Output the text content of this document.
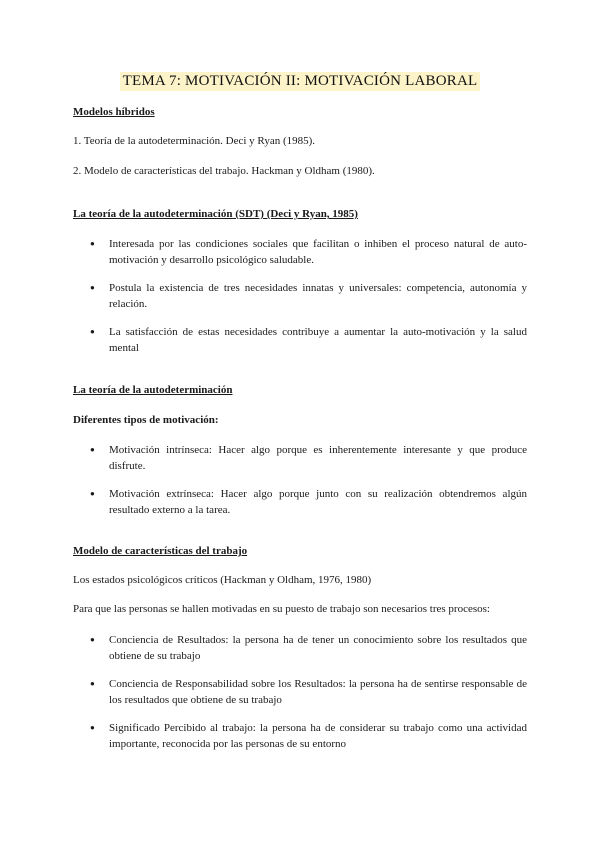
TEMA 7: MOTIVACIÓN II: MOTIVACIÓN LABORAL

Modelos híbridos

1. Teoría de la autodeterminación. Deci y Ryan (1985).

2. Modelo de características del trabajo. Hackman y Oldham (1980).

La teoría de la autodeterminación (SDT) (Deci y Ryan, 1985)

● Interesada por las condiciones sociales que facilitan o inhiben el proceso natural de auto-motivación y desarrollo psicológico saludable.
● Postula la existencia de tres necesidades innatas y universales: competencia, autonomía y relación.
● La satisfacción de estas necesidades contribuye a aumentar la auto-motivación y la salud mental

La teoría de la autodeterminación

Diferentes tipos de motivación:

● Motivación intrínseca: Hacer algo porque es inherentemente interesante y que produce disfrute.
● Motivación extrínseca: Hacer algo porque junto con su realización obtendremos algún resultado externo a la tarea.

Modelo de características del trabajo

Los estados psicológicos críticos (Hackman y Oldham, 1976, 1980)

Para que las personas se hallen motivadas en su puesto de trabajo son necesarios tres procesos:

● Conciencia de Resultados: la persona ha de tener un conocimiento sobre los resultados que obtiene de su trabajo
● Conciencia de Responsabilidad sobre los Resultados: la persona ha de sentirse responsable de los resultados que obtiene de su trabajo
● Significado Percibido al trabajo: la persona ha de considerar su trabajo como una actividad importante, reconocida por las personas de su entorno
